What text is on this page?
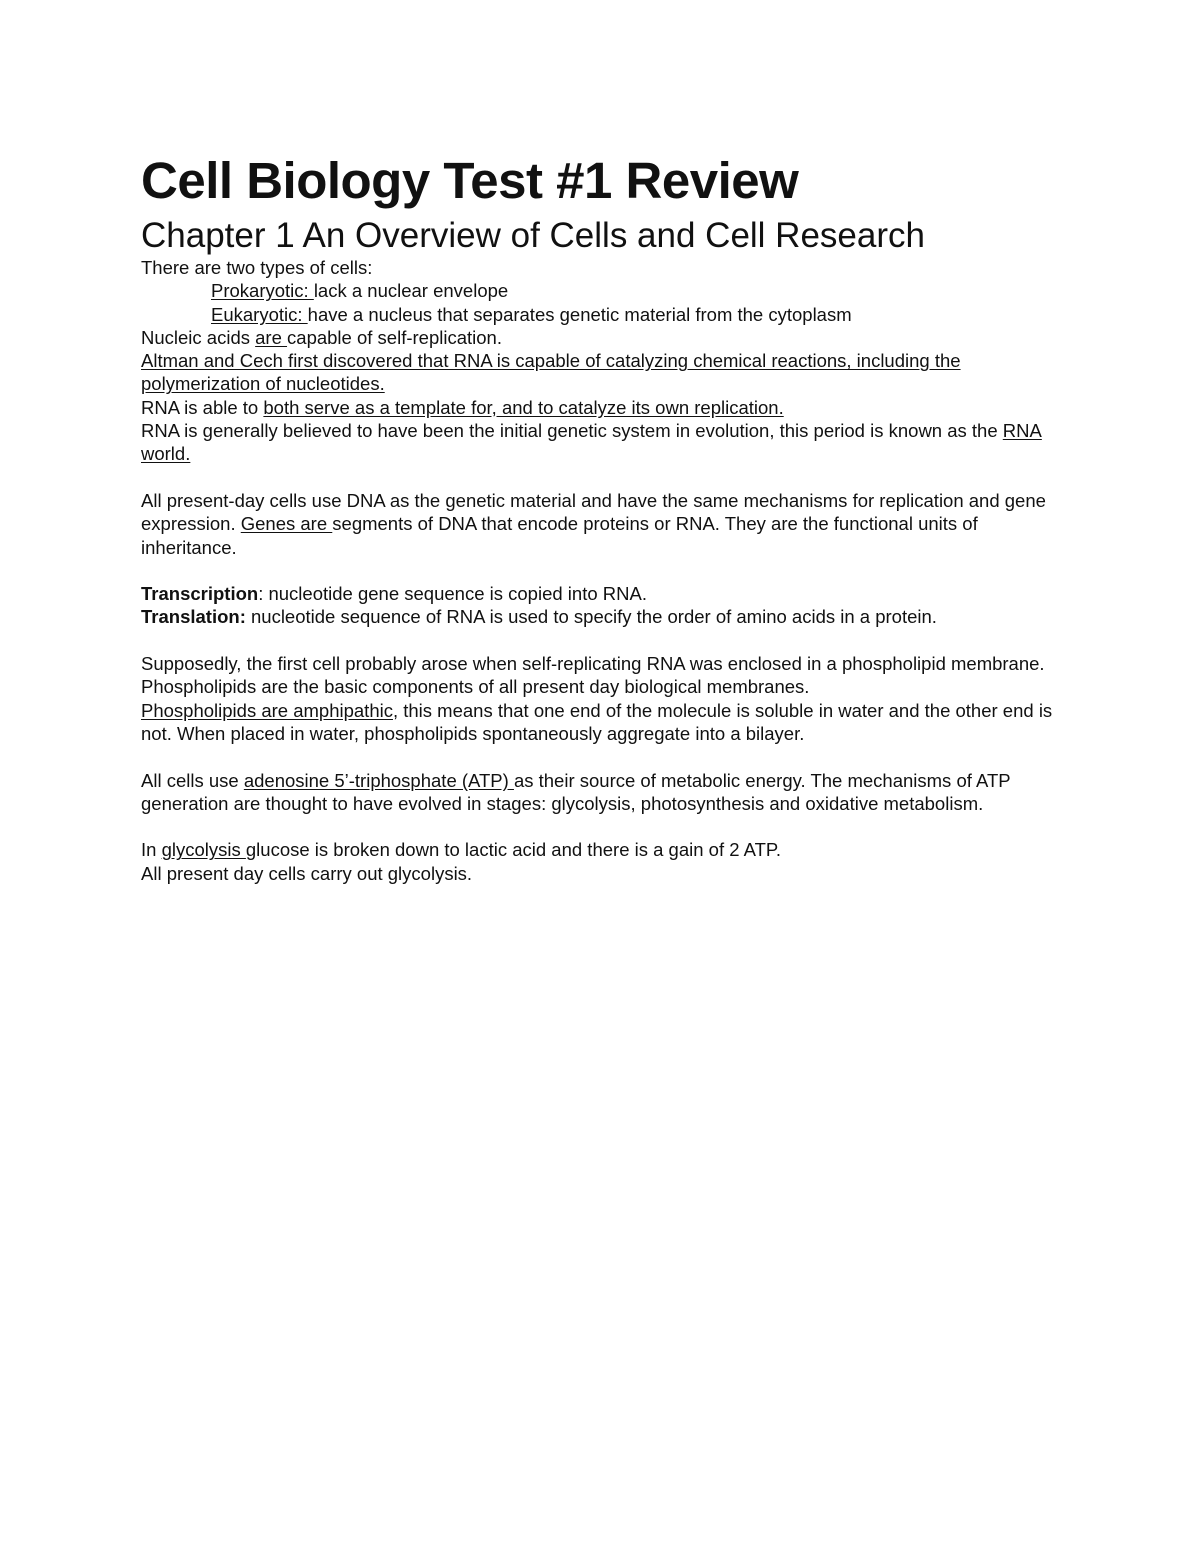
Cell Biology Test #1 Review
Chapter 1 An Overview of Cells and Cell Research

There are two types of cells:

Prokaryotic: lack a nuclear envelope

Eukaryotic: have a nucleus that separates genetic material from the cytoplasm

Nucleic acids are capable of self-replication.

Altman and Cech first discovered that RNA is capable of catalyzing chemical reactions, including the polymerization of nucleotides.

RNA is able to both serve as a template for, and to catalyze its own replication.

RNA is generally believed to have been the initial genetic system in evolution, this period is known as the RNA world.

All present-day cells use DNA as the genetic material and have the same mechanisms for replication and gene expression. Genes are segments of DNA that encode proteins or RNA. They are the functional units of inheritance.

Transcription: nucleotide gene sequence is copied into RNA.

Translation: nucleotide sequence of RNA is used to specify the order of amino acids in a protein.

Supposedly, the first cell probably arose when self-replicating RNA was enclosed in a phospholipid membrane. Phospholipids are the basic components of all present day biological membranes.

Phospholipids are amphipathic, this means that one end of the molecule is soluble in water and the other end is not. When placed in water, phospholipids spontaneously aggregate into a bilayer.

All cells use adenosine 5’-triphosphate (ATP) as their source of metabolic energy. The mechanisms of ATP generation are thought to have evolved in stages: glycolysis, photosynthesis and oxidative metabolism.

In glycolysis glucose is broken down to lactic acid and there is a gain of 2 ATP.

All present day cells carry out glycolysis.
